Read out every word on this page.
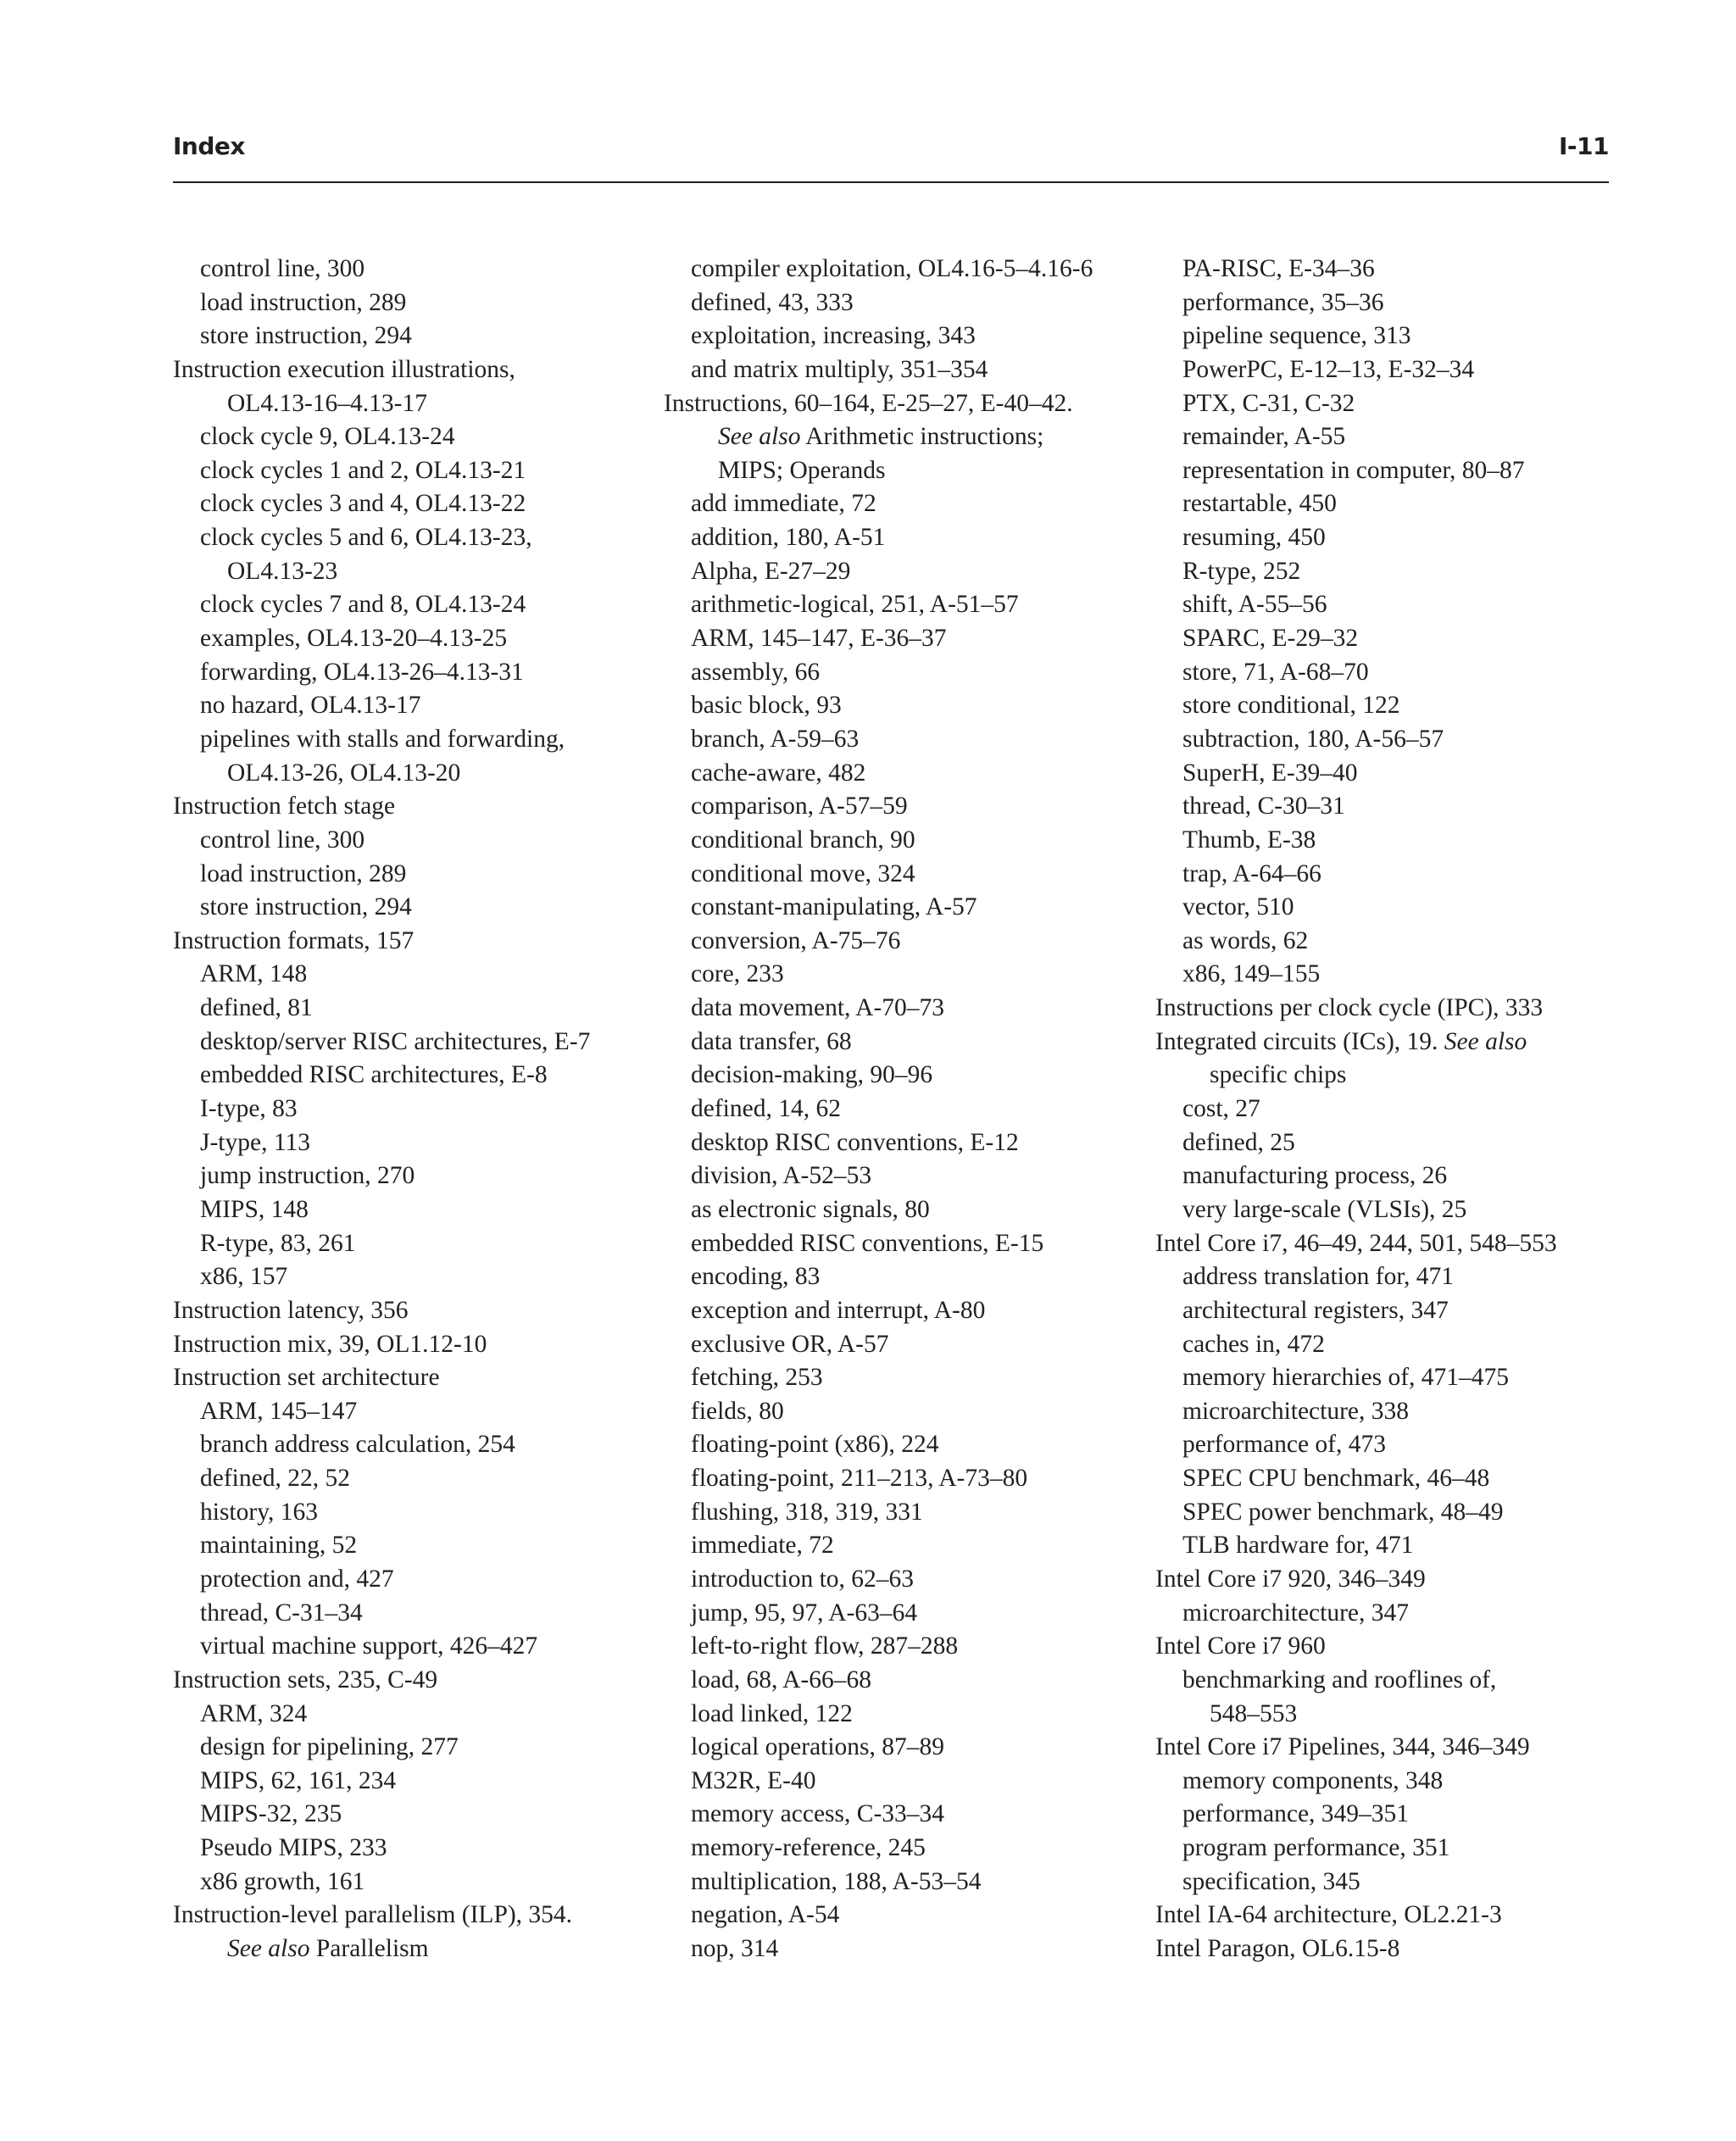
Index	I-11
control line, 300
load instruction, 289
store instruction, 294
Instruction execution illustrations,
OL4.13-16–4.13-17
clock cycle 9, OL4.13-24
clock cycles 1 and 2, OL4.13-21
clock cycles 3 and 4, OL4.13-22
clock cycles 5 and 6, OL4.13-23,
OL4.13-23
clock cycles 7 and 8, OL4.13-24
examples, OL4.13-20–4.13-25
forwarding, OL4.13-26–4.13-31
no hazard, OL4.13-17
pipelines with stalls and forwarding,
OL4.13-26, OL4.13-20
Instruction fetch stage
control line, 300
load instruction, 289
store instruction, 294
Instruction formats, 157
ARM, 148
defined, 81
desktop/server RISC architectures, E-7
embedded RISC architectures, E-8
I-type, 83
J-type, 113
jump instruction, 270
MIPS, 148
R-type, 83, 261
x86, 157
Instruction latency, 356
Instruction mix, 39, OL1.12-10
Instruction set architecture
ARM, 145–147
branch address calculation, 254
defined, 22, 52
history, 163
maintaining, 52
protection and, 427
thread, C-31–34
virtual machine support, 426–427
Instruction sets, 235, C-49
ARM, 324
design for pipelining, 277
MIPS, 62, 161, 234
MIPS-32, 235
Pseudo MIPS, 233
x86 growth, 161
Instruction-level parallelism (ILP), 354.
See also Parallelism
compiler exploitation, OL4.16-5–4.16-6
defined, 43, 333
exploitation, increasing, 343
and matrix multiply, 351–354
Instructions, 60–164, E-25–27, E-40–42.
See also Arithmetic instructions;
MIPS; Operands
add immediate, 72
addition, 180, A-51
Alpha, E-27–29
arithmetic-logical, 251, A-51–57
ARM, 145–147, E-36–37
assembly, 66
basic block, 93
branch, A-59–63
cache-aware, 482
comparison, A-57–59
conditional branch, 90
conditional move, 324
constant-manipulating, A-57
conversion, A-75–76
core, 233
data movement, A-70–73
data transfer, 68
decision-making, 90–96
defined, 14, 62
desktop RISC conventions, E-12
division, A-52–53
as electronic signals, 80
embedded RISC conventions, E-15
encoding, 83
exception and interrupt, A-80
exclusive OR, A-57
fetching, 253
fields, 80
floating-point (x86), 224
floating-point, 211–213, A-73–80
flushing, 318, 319, 331
immediate, 72
introduction to, 62–63
jump, 95, 97, A-63–64
left-to-right flow, 287–288
load, 68, A-66–68
load linked, 122
logical operations, 87–89
M32R, E-40
memory access, C-33–34
memory-reference, 245
multiplication, 188, A-53–54
negation, A-54
nop, 314
PA-RISC, E-34–36
performance, 35–36
pipeline sequence, 313
PowerPC, E-12–13, E-32–34
PTX, C-31, C-32
remainder, A-55
representation in computer, 80–87
restartable, 450
resuming, 450
R-type, 252
shift, A-55–56
SPARC, E-29–32
store, 71, A-68–70
store conditional, 122
subtraction, 180, A-56–57
SuperH, E-39–40
thread, C-30–31
Thumb, E-38
trap, A-64–66
vector, 510
as words, 62
x86, 149–155
Instructions per clock cycle (IPC), 333
Integrated circuits (ICs), 19. See also
specific chips
cost, 27
defined, 25
manufacturing process, 26
very large-scale (VLSIs), 25
Intel Core i7, 46–49, 244, 501, 548–553
address translation for, 471
architectural registers, 347
caches in, 472
memory hierarchies of, 471–475
microarchitecture, 338
performance of, 473
SPEC CPU benchmark, 46–48
SPEC power benchmark, 48–49
TLB hardware for, 471
Intel Core i7 920, 346–349
microarchitecture, 347
Intel Core i7 960
benchmarking and rooflines of,
548–553
Intel Core i7 Pipelines, 344, 346–349
memory components, 348
performance, 349–351
program performance, 351
specification, 345
Intel IA-64 architecture, OL2.21-3
Intel Paragon, OL6.15-8
